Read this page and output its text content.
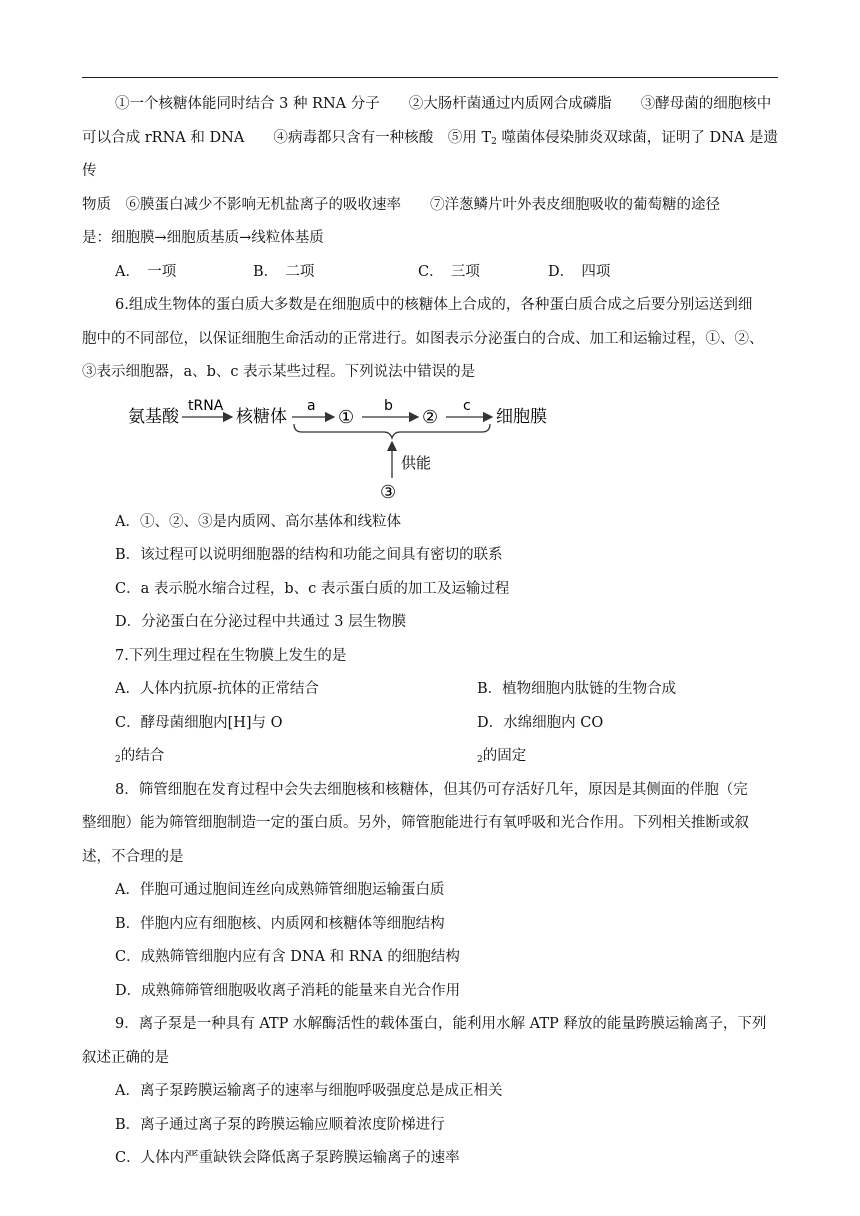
①一个核糖体能同时结合 3 种 RNA 分子　　②大肠杆菌通过内质网合成磷脂　　③酵母菌的细胞核中

可以合成 rRNA 和 DNA　　④病毒都只含有一种核酸　⑤用 $T_2$ 噬菌体侵染肺炎双球菌，证明了 DNA 是遗传

物质　⑥膜蛋白减少不影响无机盐离子的吸收速率　　⑦洋葱鳞片叶外表皮细胞吸收的葡萄糖的途径

是：细胞膜→细胞质基质→线粒体基质

A．　一项	B．　二项	C．　三项	D．　四项

6.组成生物体的蛋白质大多数是在细胞质中的核糖体上合成的，各种蛋白质合成之后要分别运送到细

胞中的不同部位，以保证细胞生命活动的正常进行。如图表示分泌蛋白的合成、加工和运输过程，①、②、

③表示细胞器，a、b、c 表示某些过程。下列说法中错误的是

氨基酸
tRNA
核糖体
a
①
b
②
c
细胞膜
供能
③

A．①、②、③是内质网、高尔基体和线粒体

B．该过程可以说明细胞器的结构和功能之间具有密切的联系

C．a 表示脱水缩合过程，b、c 表示蛋白质的加工及运输过程

D．分泌蛋白在分泌过程中共通过 3 层生物膜

7.下列生理过程在生物膜上发生的是

A．人体内抗原-抗体的正常结合	B．植物细胞内肽链的生物合成
C．酵母菌细胞内[H]与 $O_2$的结合
D．水绵细胞内 $CO_2$的固定

8．筛管细胞在发育过程中会失去细胞核和核糖体，但其仍可存活好几年，原因是其侧面的伴胞（完

整细胞）能为筛管细胞制造一定的蛋白质。另外，筛管胞能进行有氧呼吸和光合作用。下列相关推断或叙

述，不合理的是

A．伴胞可通过胞间连丝向成熟筛管细胞运输蛋白质

B．伴胞内应有细胞核、内质网和核糖体等细胞结构

C．成熟筛管细胞内应有含 DNA 和 RNA 的细胞结构

D．成熟筛筛管细胞吸收离子消耗的能量来自光合作用

9．离子泵是一种具有 ATP 水解酶活性的载体蛋白，能利用水解 ATP 释放的能量跨膜运输离子，下列

叙述正确的是

A．离子泵跨膜运输离子的速率与细胞呼吸强度总是成正相关

B．离子通过离子泵的跨膜运输应顺着浓度阶梯进行

C．人体内严重缺铁会降低离子泵跨膜运输离子的速率
